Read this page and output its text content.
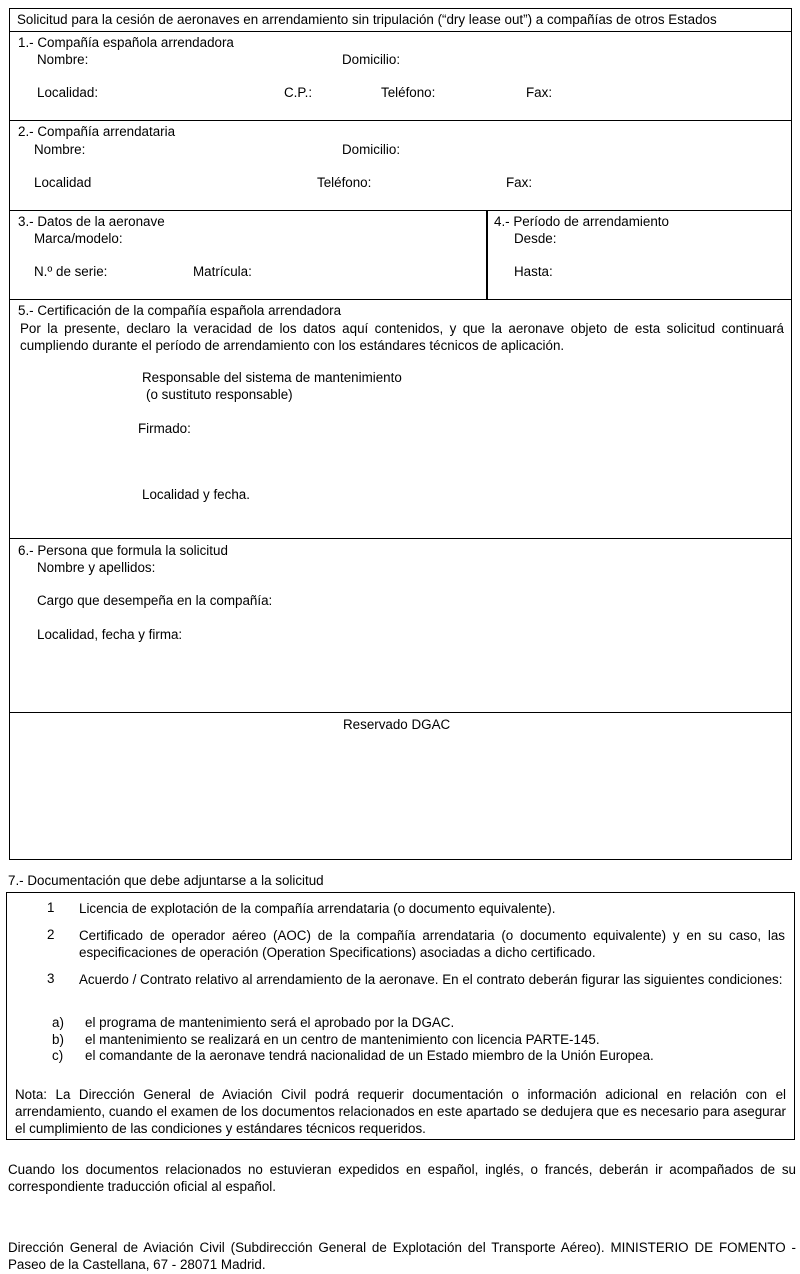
Solicitud para la cesión de aeronaves en arrendamiento sin tripulación (“dry lease out”) a compañías de otros Estados
1.- Compañía española arrendadora
Nombre:	Domicilio:
Localidad:	C.P.:	Teléfono:	Fax:
2.- Compañía arrendataria
Nombre:	Domicilio:
Localidad	Teléfono:	Fax:
3.- Datos de la aeronave
Marca/modelo:
N.º de serie:	Matrícula:
4.- Período de arrendamiento
Desde:
Hasta:
5.- Certificación de la compañía española arrendadora
Por la presente, declaro la veracidad de los datos aquí contenidos, y que la aeronave objeto de esta solicitud continuará cumpliendo durante el período de arrendamiento con los estándares técnicos de aplicación.
Responsable del sistema de mantenimiento
(o sustituto responsable)
Firmado:
Localidad y fecha.
6.- Persona que formula la solicitud
Nombre y apellidos:
Cargo que desempeña en la compañía:
Localidad, fecha y firma:
Reservado DGAC
7.- Documentación que debe adjuntarse a la solicitud
1 Licencia de explotación de la compañía arrendataria (o documento equivalente).
2 Certificado de operador aéreo (AOC) de la compañía arrendataria (o documento equivalente) y en su caso, las especificaciones de operación (Operation Specifications) asociadas a dicho certificado.
3 Acuerdo / Contrato relativo al arrendamiento de la aeronave. En el contrato deberán figurar las siguientes condiciones:
a) el programa de mantenimiento será el aprobado por la DGAC.
b) el mantenimiento se realizará en un centro de mantenimiento con licencia PARTE-145.
c) el comandante de la aeronave tendrá nacionalidad de un Estado miembro de la Unión Europea.
Nota: La Dirección General de Aviación Civil podrá requerir documentación o información adicional en relación con el arrendamiento, cuando el examen de los documentos relacionados en este apartado se dedujera que es necesario para asegurar el cumplimiento de las condiciones y estándares técnicos requeridos.
Cuando los documentos relacionados no estuvieran expedidos en español, inglés, o francés, deberán ir acompañados de su correspondiente traducción oficial al español.
Dirección General de Aviación Civil (Subdirección General de Explotación del Transporte Aéreo). MINISTERIO DE FOMENTO - Paseo de la Castellana, 67 - 28071 Madrid.
